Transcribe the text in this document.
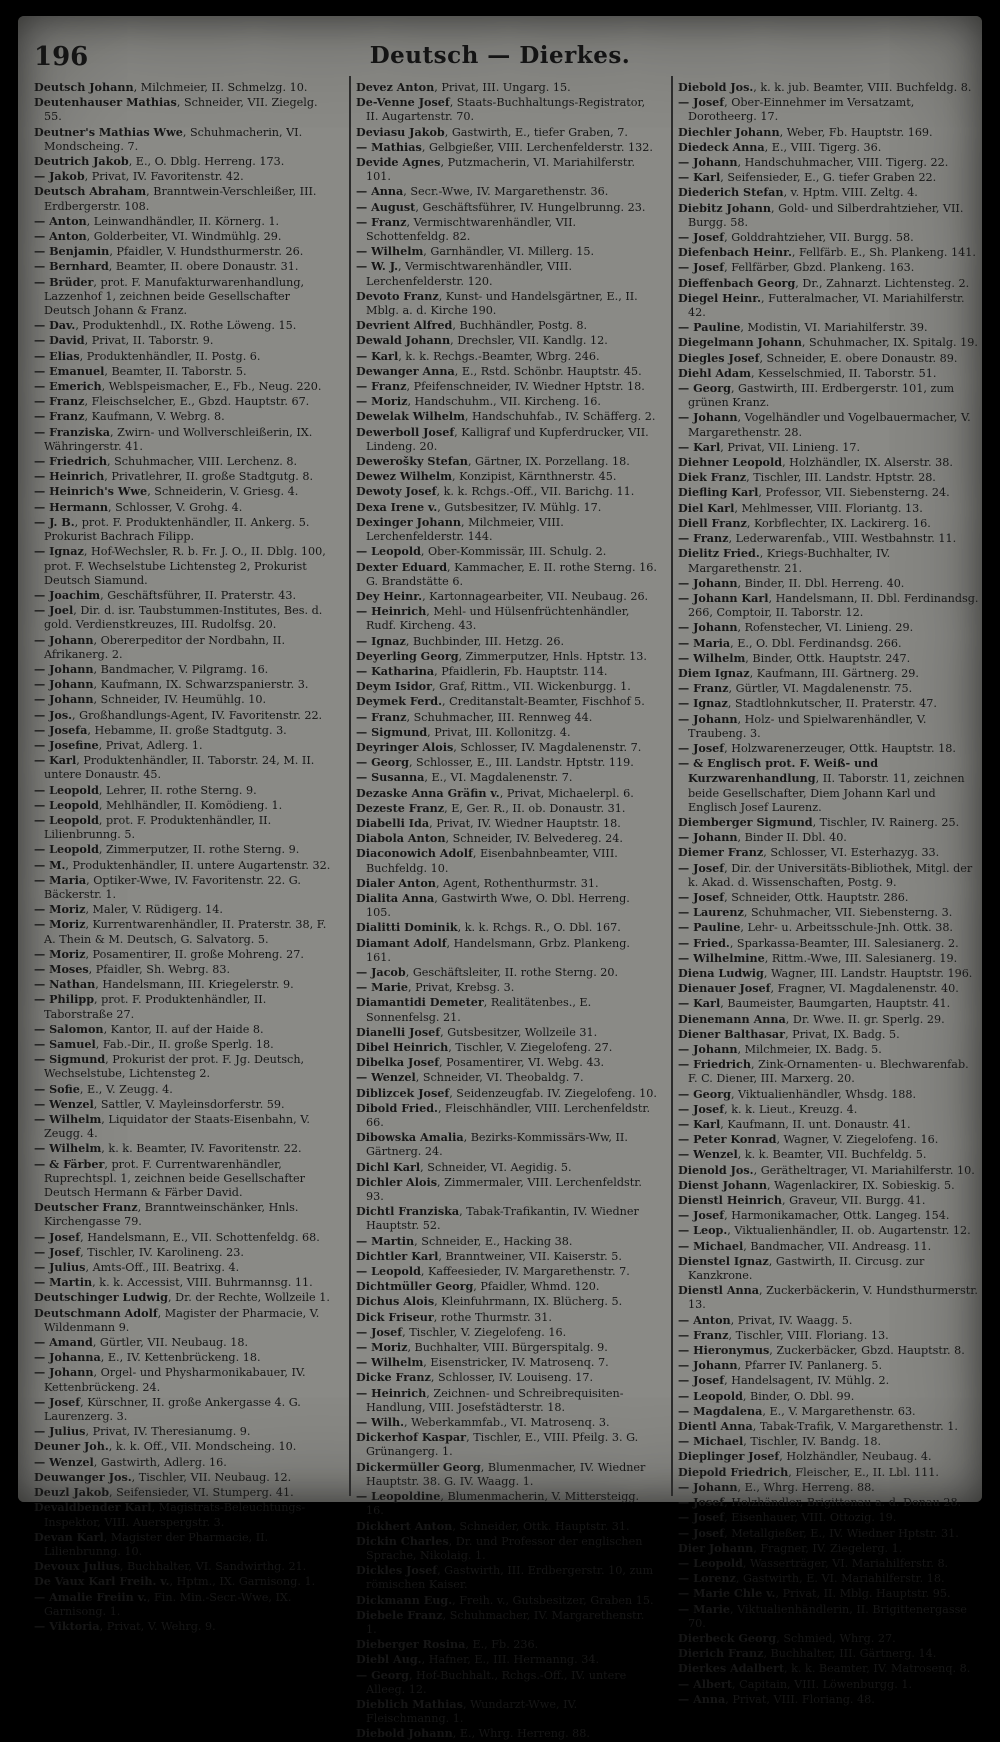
196	Deutsch — Dierkes.

Deutsch Johann, Milchmeier, II. Schmelzg. 10.

Deutenhauser Mathias, Schneider, VII. Ziegelg. 55.

Deutner's Mathias Wwe, Schuhmacherin, VI. Mondscheing. 7.

Deutrich Jakob, E., O. Dblg. Herreng. 173.

— Jakob, Privat, IV. Favoritenstr. 42.

Deutsch Abraham, Branntwein-Verschleißer, III. Erdbergerstr. 108.

— Anton, Leinwandhändler, II. Körnerg. 1.

— Anton, Golderbeiter, VI. Windmühlg. 29.

— Benjamin, Pfaidler, V. Hundsthurmerstr. 26.

— Bernhard, Beamter, II. obere Donaustr. 31.

— Brüder, prot. F. Manufakturwarenhandlung, Lazzenhof 1, zeichnen beide Gesellschafter Deutsch Johann & Franz.

— Dav., Produktenhdl., IX. Rothe Löweng. 15.

— David, Privat, II. Taborstr. 9.

— Elias, Produktenhändler, II. Postg. 6.

— Emanuel, Beamter, II. Taborstr. 5.

— Emerich, Weblspeismacher, E., Fb., Neug. 220.

— Franz, Fleischselcher, E., Gbzd. Hauptstr. 67.

— Franz, Kaufmann, V. Webrg. 8.

— Franziska, Zwirn- und Wollverschleißerin, IX. Währingerstr. 41.

— Friedrich, Schuhmacher, VIII. Lerchenz. 8.

— Heinrich, Privatlehrer, II. große Stadtgutg. 8.

— Heinrich's Wwe, Schneiderin, V. Griesg. 4.

— Hermann, Schlosser, V. Grohg. 4.

— J. B., prot. F. Produktenhändler, II. Ankerg. 5. Prokurist Bachrach Filipp.

— Ignaz, Hof-Wechsler, R. b. Fr. J. O., II. Dblg. 100, prot. F. Wechselstube Lichtensteg 2, Prokurist Deutsch Siamund.

— Joachim, Geschäftsführer, II. Praterstr. 43.

— Joel, Dir. d. isr. Taubstummen-Institutes, Bes. d. gold. Verdienstkreuzes, III. Rudolfsg. 20.

— Johann, Obererpeditor der Nordbahn, II. Afrikanerg. 2.

— Johann, Bandmacher, V. Pilgramg. 16.

— Johann, Kaufmann, IX. Schwarzspanierstr. 3.

— Johann, Schneider, IV. Heumühlg. 10.

— Jos., Großhandlungs-Agent, IV. Favoritenstr. 22.

— Josefa, Hebamme, II. große Stadtgutg. 3.

— Josefine, Privat, Adlerg. 1.

— Karl, Produktenhändler, II. Taborstr. 24, M. II. untere Donaustr. 45.

— Leopold, Lehrer, II. rothe Sterng. 9.

— Leopold, Mehlhändler, II. Komödieng. 1.

— Leopold, prot. F. Produktenhändler, II. Lilienbrunng. 5.

— Leopold, Zimmerputzer, II. rothe Sterng. 9.

— M., Produktenhändler, II. untere Augartenstr. 32.

— Maria, Optiker-Wwe, IV. Favoritenstr. 22. G. Bäckerstr. 1.

— Moriz, Maler, V. Rüdigerg. 14.

— Moriz, Kurrentwarenhändler, II. Praterstr. 38, F. A. Thein & M. Deutsch, G. Salvatorg. 5.

— Moriz, Posamentirer, II. große Mohreng. 27.

— Moses, Pfaidler, Sh. Webrg. 83.

— Nathan, Handelsmann, III. Kriegelerstr. 9.

— Philipp, prot. F. Produktenhändler, II. Taborstraße 27.

— Salomon, Kantor, II. auf der Haide 8.

— Samuel, Fab.-Dir., II. große Sperlg. 18.

— Sigmund, Prokurist der prot. F. Jg. Deutsch, Wechselstube, Lichtensteg 2.

— Sofie, E., V. Zeugg. 4.

— Wenzel, Sattler, V. Mayleinsdorferstr. 59.

— Wilhelm, Liquidator der Staats-Eisenbahn, V. Zeugg. 4.

— Wilhelm, k. k. Beamter, IV. Favoritenstr. 22.

— & Färber, prot. F. Currentwarenhändler, Ruprechtspl. 1, zeichnen beide Gesellschafter Deutsch Hermann & Färber David.

Deutscher Franz, Branntweinschänker, Hnls. Kirchengasse 79.

— Josef, Handelsmann, E., VII. Schottenfeldg. 68.

— Josef, Tischler, IV. Karolineng. 23.

— Julius, Amts-Off., III. Beatrixg. 4.

— Martin, k. k. Accessist, VIII. Buhrmannsg. 11.

Deutschinger Ludwig, Dr. der Rechte, Wollzeile 1.

Deutschmann Adolf, Magister der Pharmacie, V. Wildenmann 9.

— Amand, Gürtler, VII. Neubaug. 18.

— Johanna, E., IV. Kettenbrückeng. 18.

— Johann, Orgel- und Physharmonikabauer, IV. Kettenbrückeng. 24.

— Josef, Kürschner, II. große Ankergasse 4. G. Laurenzerg. 3.

— Julius, Privat, IV. Theresianumg. 9.

Deuner Joh., k. k. Off., VII. Mondscheing. 10.

— Wenzel, Gastwirth, Adlerg. 16.

Deuwanger Jos., Tischler, VII. Neubaug. 12.

Deuzl Jakob, Seifensieder, VI. Stumperg. 41.

Devaldbender Karl, Magistrats-Beleuchtungs-Inspektor, VIII. Auerspergstr. 3.

Devan Karl, Magister der Pharmacie, II. Lilienbrunng. 10.

Devoux Julius, Buchhalter, VI. Sandwirthg. 21.

De Vaux Karl Freih. v., Hptm., IX. Garnisong. 1.

— Amalie Freiin v., Fin. Min.-Secr.-Wwe, IX. Garnisong. 1.

— Viktoria, Privat, V. Wehrg. 9.

Devez Anton, Privat, III. Ungarg. 15.

De-Venne Josef, Staats-Buchhaltungs-Registrator, II. Augartenstr. 70.

Deviasu Jakob, Gastwirth, E., tiefer Graben, 7.

— Mathias, Gelbgießer, VIII. Lerchenfelderstr. 132.

Devide Agnes, Putzmacherin, VI. Mariahilferstr. 101.

— Anna, Secr.-Wwe, IV. Margarethenstr. 36.

— August, Geschäftsführer, IV. Hungelbrunng. 23.

— Franz, Vermischtwarenhändler, VII. Schottenfeldg. 82.

— Wilhelm, Garnhändler, VI. Millerg. 15.

— W. J., Vermischtwarenhändler, VIII. Lerchenfelderstr. 120.

Devoto Franz, Kunst- und Handelsgärtner, E., II. Mblg. a. d. Kirche 190.

Devrient Alfred, Buchhändler, Postg. 8.

Dewald Johann, Drechsler, VII. Kandlg. 12.

— Karl, k. k. Rechgs.-Beamter, Wbrg. 246.

Dewanger Anna, E., Rstd. Schönbr. Hauptstr. 45.

— Franz, Pfeifenschneider, IV. Wiedner Hptstr. 18.

— Moriz, Handschuhm., VII. Kircheng. 16.

Dewelak Wilhelm, Handschuhfab., IV. Schäfferg. 2.

Dewerboll Josef, Kalligraf und Kupferdrucker, VII. Lindeng. 20.

Dewerošky Stefan, Gärtner, IX. Porzellang. 18.

Dewez Wilhelm, Konzipist, Kärnthnerstr. 45.

Dewoty Josef, k. k. Rchgs.-Off., VII. Barichg. 11.

Dexa Irene v., Gutsbesitzer, IV. Mühlg. 17.

Dexinger Johann, Milchmeier, VIII. Lerchenfelderstr. 144.

— Leopold, Ober-Kommissär, III. Schulg. 2.

Dexter Eduard, Kammacher, E. II. rothe Sterng. 16. G. Brandstätte 6.

Dey Heinr., Kartonnagearbeiter, VII. Neubaug. 26.

— Heinrich, Mehl- und Hülsenfrüchtenhändler, Rudf. Kircheng. 43.

— Ignaz, Buchbinder, III. Hetzg. 26.

Deyerling Georg, Zimmerputzer, Hnls. Hptstr. 13.

— Katharina, Pfaidlerin, Fb. Hauptstr. 114.

Deym Isidor, Graf, Rittm., VII. Wickenburgg. 1.

Deymek Ferd., Creditanstalt-Beamter, Fischhof 5.

— Franz, Schuhmacher, III. Rennweg 44.

— Sigmund, Privat, III. Kollonitzg. 4.

Deyringer Alois, Schlosser, IV. Magdalenenstr. 7.

— Georg, Schlosser, E., III. Landstr. Hptstr. 119.

— Susanna, E., VI. Magdalenenstr. 7.

Dezaske Anna Gräfin v., Privat, Michaelerpl. 6.

Dezeste Franz, E, Ger. R., II. ob. Donaustr. 31.

Diabelli Ida, Privat, IV. Wiedner Hauptstr. 18.

Diabola Anton, Schneider, IV. Belvedereg. 24.

Diaconowich Adolf, Eisenbahnbeamter, VIII. Buchfeldg. 10.

Dialer Anton, Agent, Rothenthurmstr. 31.

Dialita Anna, Gastwirth Wwe, O. Dbl. Herreng. 105.

Dialitti Dominik, k. k. Rchgs. R., O. Dbl. 167.

Diamant Adolf, Handelsmann, Grbz. Plankeng. 161.

— Jacob, Geschäftsleiter, II. rothe Sterng. 20.

— Marie, Privat, Krebsg. 3.

Diamantidi Demeter, Realitätenbes., E. Sonnenfelsg. 21.

Dianelli Josef, Gutsbesitzer, Wollzeile 31.

Dibel Heinrich, Tischler, V. Ziegelofeng. 27.

Dibelka Josef, Posamentirer, VI. Webg. 43.

— Wenzel, Schneider, VI. Theobaldg. 7.

Diblizcek Josef, Seidenzeugfab. IV. Ziegelofeng. 10.

Dibold Fried., Fleischhändler, VIII. Lerchenfeldstr. 66.

Dibowska Amalia, Bezirks-Kommissärs-Ww, II. Gärtnerg. 24.

Dichl Karl, Schneider, VI. Aegidig. 5.

Dichler Alois, Zimmermaler, VIII. Lerchenfeldstr. 93.

Dichtl Franziska, Tabak-Trafikantin, IV. Wiedner Hauptstr. 52.

— Martin, Schneider, E., Hacking 38.

Dichtler Karl, Branntweiner, VII. Kaiserstr. 5.

— Leopold, Kaffeesieder, IV. Margarethenstr. 7.

Dichtmüller Georg, Pfaidler, Whmd. 120.

Dichus Alois, Kleinfuhrmann, IX. Blücherg. 5.

Dick Friseur, rothe Thurmstr. 31.

— Josef, Tischler, V. Ziegelofeng. 16.

— Moriz, Buchhalter, VIII. Bürgerspitalg. 9.

— Wilhelm, Eisenstricker, IV. Matrosenq. 7.

Dicke Franz, Schlosser, IV. Louiseng. 17.

— Heinrich, Zeichnen- und Schreibrequisiten-Handlung, VIII. Josefstädterstr. 18.

— Wilh., Weberkammfab., VI. Matrosenq. 3.

Dickerhof Kaspar, Tischler, E., VIII. Pfeilg. 3. G. Grünangerg. 1.

Dickermüller Georg, Blumenmacher, IV. Wiedner Hauptstr. 38. G. IV. Waagg. 1.

— Leopoldine, Blumenmacherin, V. Mittersteigg. 16.

Dickhert Anton, Schneider, Ottk. Hauptstr. 31.

Dickin Charles, Dr. und Professor der englischen Sprache, Nikolaig. 1.

Dickles Josef, Gastwirth, III. Erdbergerstr. 10, zum römischen Kaiser.

Dickmann Eug., Freih. v., Gutsbesitzer, Graben 15.

Diebele Franz, Schuhmacher, IV. Margarethenstr. 1.

Dieberger Rosina, E., Fb. 236.

Diebl Aug., Hafner, E., III. Hermanng. 34.

— Georg, Hof-Buchhalt., Rchgs.-Off., IV. untere Alleeg. 12.

Dieblich Mathias, Wundarzt-Wwe, IV. Fleischmanng. 1.

Diebold Johann, E., Whrg. Herreng. 88.

Diebold Jos., k. k. jub. Beamter, VIII. Buchfeldg. 8.

— Josef, Ober-Einnehmer im Versatzamt, Dorotheerg. 17.

Diechler Johann, Weber, Fb. Hauptstr. 169.

Diedeck Anna, E., VIII. Tigerg. 36.

— Johann, Handschuhmacher, VIII. Tigerg. 22.

— Karl, Seifensieder, E., G. tiefer Graben 22.

Diederich Stefan, v. Hptm. VIII. Zeltg. 4.

Diebitz Johann, Gold- und Silberdrahtzieher, VII. Burgg. 58.

— Josef, Golddrahtzieher, VII. Burgg. 58.

Diefenbach Heinr., Fellfärb. E., Sh. Plankeng. 141.

— Josef, Fellfärber, Gbzd. Plankeng. 163.

Dieffenbach Georg, Dr., Zahnarzt. Lichtensteg. 2.

Diegel Heinr., Futteralmacher, VI. Mariahilferstr. 42.

— Pauline, Modistin, VI. Mariahilferstr. 39.

Diegelmann Johann, Schuhmacher, IX. Spitalg. 19.

Diegles Josef, Schneider, E. obere Donaustr. 89.

Diehl Adam, Kesselschmied, II. Taborstr. 51.

— Georg, Gastwirth, III. Erdbergerstr. 101, zum grünen Kranz.

— Johann, Vogelhändler und Vogelbauermacher, V. Margarethenstr. 28.

— Karl, Privat, VII. Linieng. 17.

Diehner Leopold, Holzhändler, IX. Alserstr. 38.

Diek Franz, Tischler, III. Landstr. Hptstr. 28.

Diefling Karl, Professor, VII. Siebensterng. 24.

Diel Karl, Mehlmesser, VIII. Floriantg. 13.

Diell Franz, Korbflechter, IX. Lackirerg. 16.

— Franz, Lederwarenfab., VIII. Westbahnstr. 11.

Dielitz Fried., Kriegs-Buchhalter, IV. Margarethenstr. 21.

— Johann, Binder, II. Dbl. Herreng. 40.

— Johann Karl, Handelsmann, II. Dbl. Ferdinandsg. 266, Comptoir, II. Taborstr. 12.

— Johann, Rofenstecher, VI. Linieng. 29.

— Maria, E., O. Dbl. Ferdinandsg. 266.

— Wilhelm, Binder, Ottk. Hauptstr. 247.

Diem Ignaz, Kaufmann, III. Gärtnerg. 29.

— Franz, Gürtler, VI. Magdalenenstr. 75.

— Ignaz, Stadtlohnkutscher, II. Praterstr. 47.

— Johann, Holz- und Spielwarenhändler, V. Traubeng. 3.

— Josef, Holzwarenerzeuger, Ottk. Hauptstr. 18.

— & Englisch prot. F. Weiß- und Kurzwarenhandlung, II. Taborstr. 11, zeichnen beide Gesellschafter, Diem Johann Karl und Englisch Josef Laurenz.

Diemberger Sigmund, Tischler, IV. Rainerg. 25.

— Johann, Binder II. Dbl. 40.

Diemer Franz, Schlosser, VI. Esterhazyg. 33.

— Josef, Dir. der Universitäts-Bibliothek, Mitgl. der k. Akad. d. Wissenschaften, Postg. 9.

— Josef, Schneider, Ottk. Hauptstr. 286.

— Laurenz, Schuhmacher, VII. Siebensterng. 3.

— Pauline, Lehr- u. Arbeitsschule-Jnh. Ottk. 38.

— Fried., Sparkassa-Beamter, III. Salesianerg. 2.

— Wilhelmine, Rittm.-Wwe, III. Salesianerg. 19.

Diena Ludwig, Wagner, III. Landstr. Hauptstr. 196.

Dienauer Josef, Fragner, VI. Magdalenenstr. 40.

— Karl, Baumeister, Baumgarten, Hauptstr. 41.

Dienemann Anna, Dr. Wwe. II. gr. Sperlg. 29.

Diener Balthasar, Privat, IX. Badg. 5.

— Johann, Milchmeier, IX. Badg. 5.

— Friedrich, Zink-Ornamenten- u. Blechwarenfab. F. C. Diener, III. Marxerg. 20.

— Georg, Viktualienhändler, Whsdg. 188.

— Josef, k. k. Lieut., Kreuzg. 4.

— Karl, Kaufmann, II. unt. Donaustr. 41.

— Peter Konrad, Wagner, V. Ziegelofeng. 16.

— Wenzel, k. k. Beamter, VII. Buchfeldg. 5.

Dienold Jos., Gerätheltrager, VI. Mariahilferstr. 10.

Dienst Johann, Wagenlackirer, IX. Sobieskig. 5.

Dienstl Heinrich, Graveur, VII. Burgg. 41.

— Josef, Harmonikamacher, Ottk. Langeg. 154.

— Leop., Viktualienhändler, II. ob. Augartenstr. 12.

— Michael, Bandmacher, VII. Andreasg. 11.

Dienstel Ignaz, Gastwirth, II. Circusg. zur Kanzkrone.

Dienstl Anna, Zuckerbäckerin, V. Hundsthurmerstr. 13.

— Anton, Privat, IV. Waagg. 5.

— Franz, Tischler, VIII. Floriang. 13.

— Hieronymus, Zuckerbäcker, Gbzd. Hauptstr. 8.

— Johann, Pfarrer IV. Panlanerg. 5.

— Josef, Handelsagent, IV. Mühlg. 2.

— Leopold, Binder, O. Dbl. 99.

— Magdalena, E., V. Margarethenstr. 63.

Dientl Anna, Tabak-Trafik, V. Margarethenstr. 1.

— Michael, Tischler, IV. Bandg. 18.

Dieplinger Josef, Holzhändler, Neubaug. 4.

Diepold Friedrich, Fleischer, E., II. Lbl. 111.

— Johann, E., Whrg. Herreng. 88.

— Josef, Holzhändler, Brigittenau a. d. Donau 28.

— Josef, Eisenhauer, VIII. Ottozig. 19.

— Josef, Metallgießer, E., IV. Wiedner Hptstr. 31.

Dier Johann, Fragner, IV. Ziegelerg. 1.

— Leopold, Wasserträger, VI. Mariahilferstr. 8.

— Lorenz, Gastwirth, E. VI. Mariahilferstr. 18.

— Marie Chle v., Privat, II. Mblg. Hauptstr. 95.

— Marie, Viktualienhändlerin, II. Brigittenergasse 70.

Dierbeck Georg, Schmied, Whrg. 27.

Dierich Franz, Buchhalter, III. Gärtnerg. 14.

Dierkes Adalbert, k. k. Beamter, IV. Matrosenq. 8.

— Albert, Capitain, VIII. Löwenburgg. 1.

— Anna, Privat, VIII. Floriang. 48.
